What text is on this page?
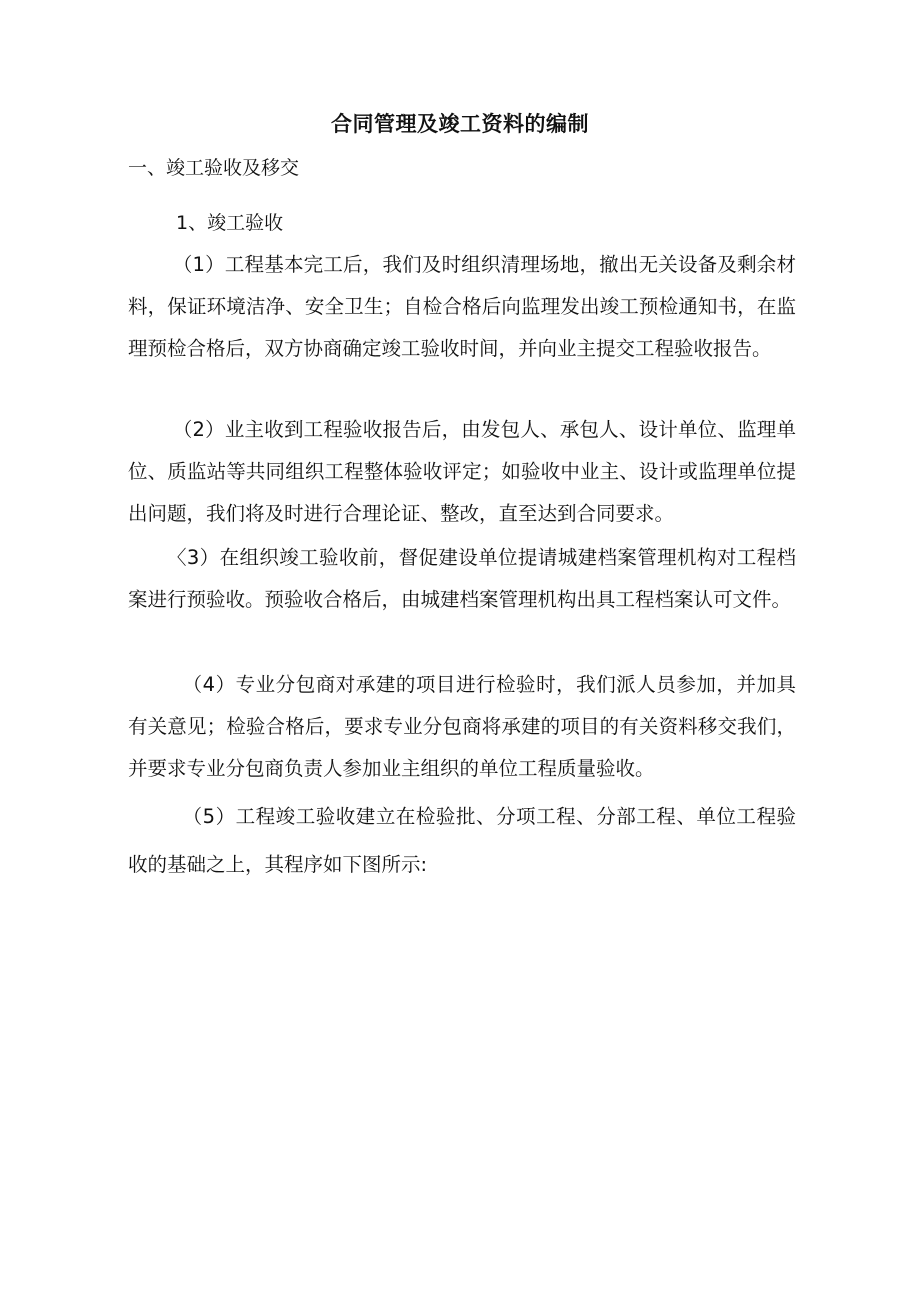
合同管理及竣工资料的编制
一、竣工验收及移交
1、竣工验收

（1）工程基本完工后，我们及时组织清理场地，撤出无关设备及剩余材料，保证环境洁净、安全卫生；自检合格后向监理发出竣工预检通知书，在监理预检合格后，双方协商确定竣工验收时间，并向业主提交工程验收报告。

（2）业主收到工程验收报告后，由发包人、承包人、设计单位、监理单位、质监站等共同组织工程整体验收评定；如验收中业主、设计或监理单位提出问题，我们将及时进行合理论证、整改，直至达到合同要求。

〈3）在组织竣工验收前，督促建设单位提请城建档案管理机构对工程档案进行预验收。预验收合格后，由城建档案管理机构出具工程档案认可文件。

（4）专业分包商对承建的项目进行检验时，我们派人员参加，并加具有关意见；检验合格后，要求专业分包商将承建的项目的有关资料移交我们，并要求专业分包商负责人参加业主组织的单位工程质量验收。

（5）工程竣工验收建立在检验批、分项工程、分部工程、单位工程验收的基础之上，其程序如下图所示:
